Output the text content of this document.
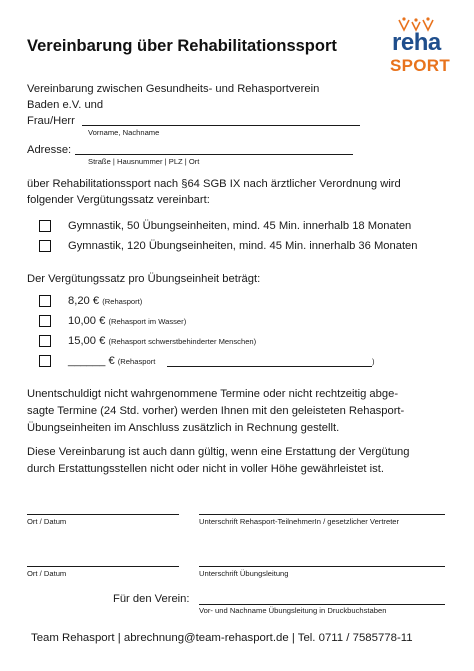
Vereinbarung über Rehabilitationssport reha
SPORT
Vereinbarung zwischen Gesundheits- und Rehasportverein
Baden e.V. und
Frau/Herr
Vorname, Nachname
Adresse:
Straße | Hausnummer | PLZ | Ort
über Rehabilitationssport nach §64 SGB IX nach ärztlicher Verordnung wird
folgender Vergütungssatz vereinbart:
Gymnastik, 50 Übungseinheiten, mind. 45 Min. innerhalb 18 Monaten
Gymnastik, 120 Übungseinheiten, mind. 45 Min. innerhalb 36 Monaten
Der Vergütungssatz pro Übungseinheit beträgt:
8,20 € (Rehasport)
10,00 € (Rehasport im Wasser)
15,00 € (Rehasport schwerstbehinderter Menschen)
______ € (Rehasport	)
Unentschuldigt nicht wahrgenommene Termine oder nicht rechtzeitig abge-
sagte Termine (24 Std. vorher) werden Ihnen mit den geleisteten Rehasport-
Übungseinheiten im Anschluss zusätzlich in Rechnung gestellt.
Diese Vereinbarung ist auch dann gültig, wenn eine Erstattung der Vergütung
durch Erstattungsstellen nicht oder nicht in voller Höhe gewährleistet ist.
Ort / Datum	Unterschrift Rehasport-TeilnehmerIn / gesetzlicher Vertreter
Ort / Datum	Unterschrift Übungsleitung
Für den Verein:
Vor- und Nachname Übungsleitung in Druckbuchstaben
Team Rehasport | abrechnung@team-rehasport.de | Tel. 0711 / 7585778-11
